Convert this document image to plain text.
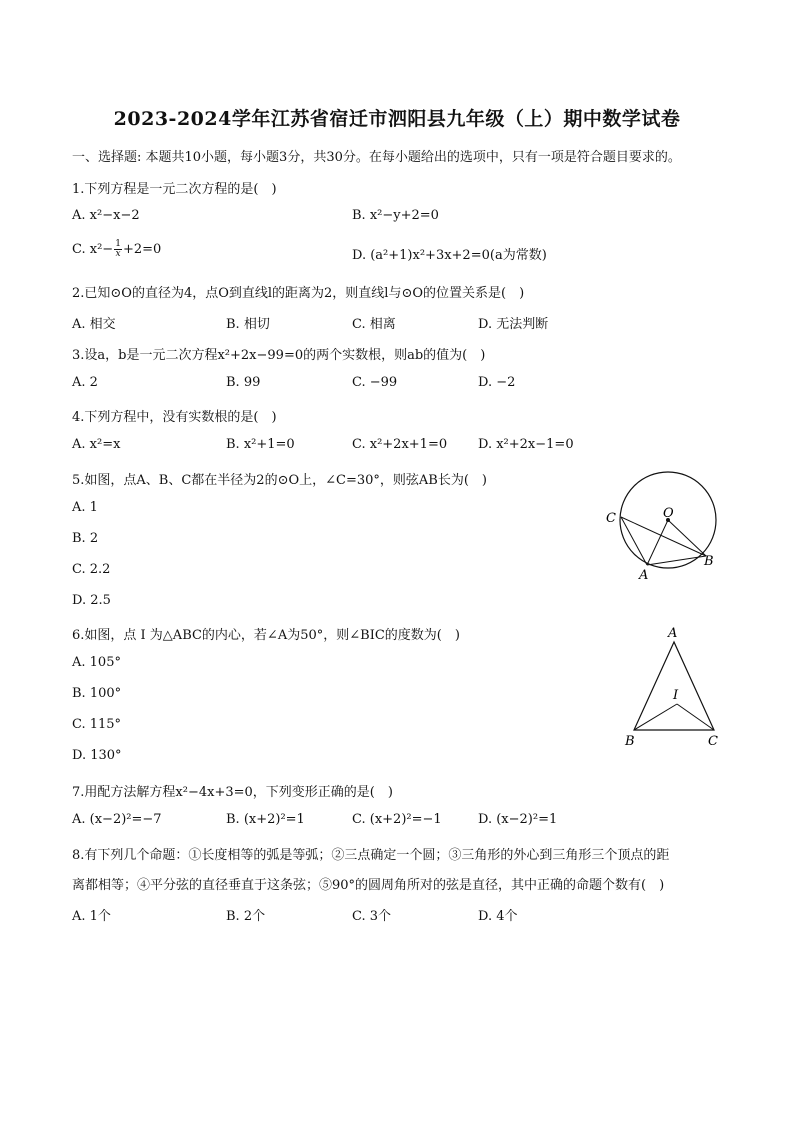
2023-2024学年江苏省宿迁市泗阳县九年级（上）期中数学试卷
一、选择题: 本题共10小题，每小题3分，共30分。在每小题给出的选项中，只有一项是符合题目要求的。
1.下列方程是一元二次方程的是(　)
A. x²−x−2	B. x²−y+2=0
C. $x^2- \frac{1}{x} +2=0$	D. (a²+1)x²+3x+2=0(a为常数)
2.已知⊙O的直径为4，点O到直线l的距离为2，则直线l与⊙O的位置关系是(　)
A. 相交	B. 相切	C. 相离	D. 无法判断
3.设a，b是一元二次方程x²+2x−99=0的两个实数根，则ab的值为(　)
A. 2	B. 99	C. −99	D. −2
4.下列方程中，没有实数根的是(　)
A. x²=x	B. x²+1=0	C. x²+2x+1=0 D. x²+2x−1=0
5.如图，点A、B、C都在半径为2的⊙O上，∠C=30°，则弦AB长为(　)
A. 1
B. 2
C. 2.2
D. 2.5
O
C
A
B
6.如图，点 I 为△ABC的内心，若∠A为50°，则∠BIC的度数为(　)
A. 105°
B. 100°
C. 115°
D. 130°
A
I
B	C
7.用配方法解方程x²−4x+3=0，下列变形正确的是(　)
A. (x−2)²=−7	B. (x+2)²=1	C. (x+2)²=−1	D. (x−2)²=1
8.有下列几个命题：①长度相等的弧是等弧；②三点确定一个圆；③三角形的外心到三角形三个顶点的距
离都相等；④平分弦的直径垂直于这条弦；⑤90°的圆周角所对的弦是直径，其中正确的命题个数有(　)
A. 1个	B. 2个	C. 3个	D. 4个
